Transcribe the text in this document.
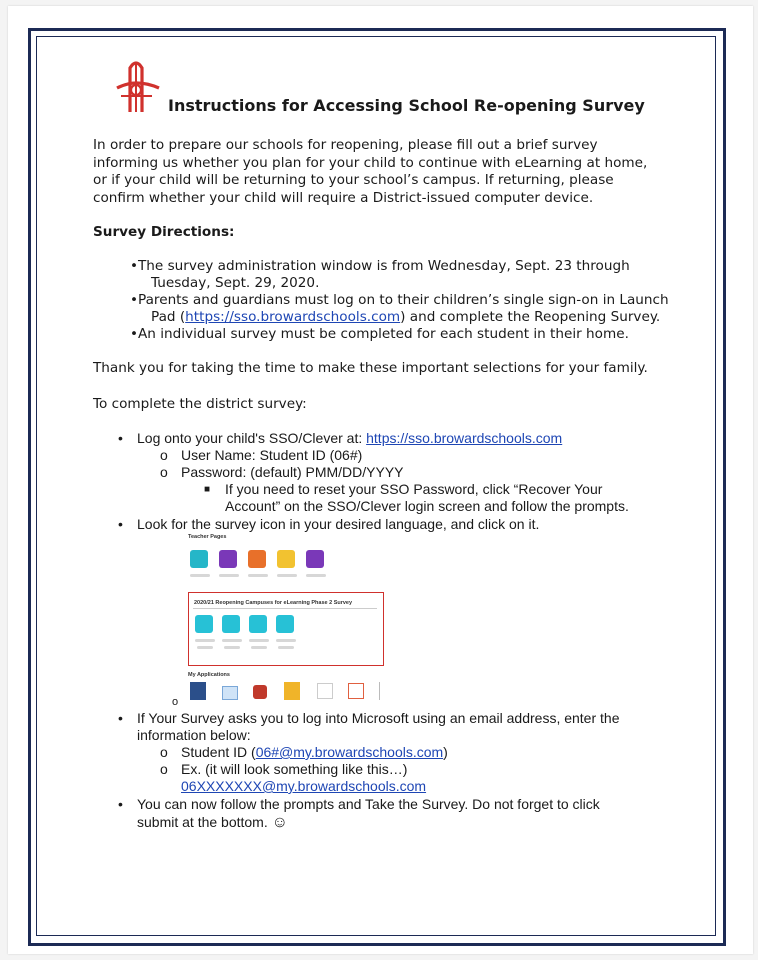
Instructions for Accessing School Re-opening Survey
In order to prepare our schools for reopening, please fill out a brief survey informing us whether you plan for your child to continue with eLearning at home, or if your child will be returning to your school’s campus. If returning, please confirm whether your child will require a District-issued computer device.
Survey Directions:
•The survey administration window is from Wednesday, Sept. 23 through
Tuesday, Sept. 29, 2020.
•Parents and guardians must log on to their children’s single sign-on in Launch
Pad (https://sso.browardschools.com) and complete the Reopening Survey.
•An individual survey must be completed for each student in their home.
Thank you for taking the time to make these important selections for your family.
To complete the district survey:
• Log onto your child's SSO/Clever at: https://sso.browardschools.com
o User Name: Student ID (06#)
o Password: (default) PMM/DD/YYYY
■ If you need to reset your SSO Password, click “Recover Your
Account” on the SSO/Clever login screen and follow the prompts.
• Look for the survey icon in your desired language, and click on it.
Teacher Pages
2020/21 Reopening Campuses for eLearning Phase 2 Survey
My Applications
o
• If Your Survey asks you to log into Microsoft using an email address, enter the
information below:
o Student ID (06#@my.browardschools.com)
o Ex. (it will look something like this…)
06XXXXXXX@my.browardschools.com
• You can now follow the prompts and Take the Survey. Do not forget to click
submit at the bottom. ☺
